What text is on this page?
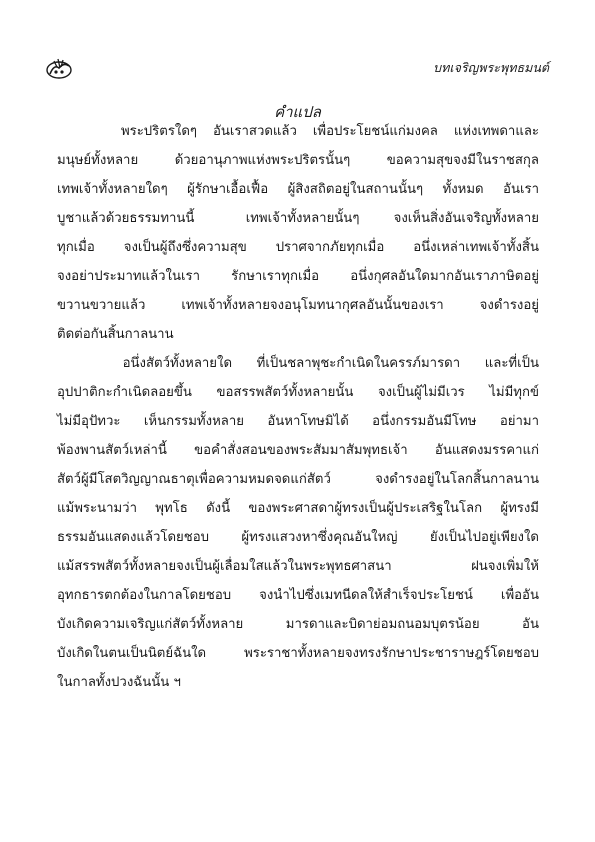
บทเจริญพระพุทธมนต์
คำแปล
พระปริตรใดๆ  อันเราสวดแล้ว  เพื่อประโยชน์แก่มงคล  แห่งเทพดาและ
มนุษย์ทั้งหลาย  ด้วยอานุภาพแห่งพระปริตรนั้นๆ  ขอความสุขจงมีในราชสกุล
เทพเจ้าทั้งหลายใดๆ  ผู้รักษาเอื้อเฟื้อ  ผู้สิงสถิตอยู่ในสถานนั้นๆ  ทั้งหมด  อันเรา
บูชาแล้วด้วยธรรมทานนี้   เทพเจ้าทั้งหลายนั้นๆ  จงเห็นสิ่งอันเจริญทั้งหลาย
ทุกเมื่อ  จงเป็นผู้ถึงซึ่งความสุข  ปราศจากภัยทุกเมื่อ  อนึ่งเหล่าเทพเจ้าทั้งสิ้น
จงอย่าประมาทแล้วในเรา  รักษาเราทุกเมื่อ  อนึ่งกุศลอันใดมากอันเราภาษิตอยู่
ขวานขวายแล้ว  เทพเจ้าทั้งหลายจงอนุโมทนากุศลอันนั้นของเรา  จงดำรงอยู่
ติดต่อกันสิ้นกาลนาน
อนึ่งสัตว์ทั้งหลายใด   ที่เป็นชลาพุชะกำเนิดในครรภ์มารดา   และที่เป็น
อุปปาติกะกำเนิดลอยขึ้น  ขอสรรพสัตว์ทั้งหลายนั้น  จงเป็นผู้ไม่มีเวร  ไม่มีทุกข์
ไม่มีอุปัทวะ  เห็นกรรมทั้งหลาย  อันหาโทษมิได้  อนึ่งกรรมอันมีโทษ  อย่ามา
พ้องพานสัตว์เหล่านี้  ขอคำสั่งสอนของพระสัมมาสัมพุทธเจ้า  อันแสดงมรรคาแก่
สัตว์ผู้มีโสตวิญญาณธาตุเพื่อความหมดจดแก่สัตว์  จงดำรงอยู่ในโลกสิ้นกาลนาน
แม้พระนามว่า  พุทโธ  ดังนี้  ของพระศาสดาผู้ทรงเป็นผู้ประเสริฐในโลก  ผู้ทรงมี
ธรรมอันแสดงแล้วโดยชอบ  ผู้ทรงแสวงหาซึ่งคุณอันใหญ่  ยังเป็นไปอยู่เพียงใด
แม้สรรพสัตว์ทั้งหลายจงเป็นผู้เลื่อมใสแล้วในพระพุทธศาสนา   ฝนจงเพิ่มให้
อุทกธารตกต้องในกาลโดยชอบ  จงนำไปซึ่งเมทนีดลให้สำเร็จประโยชน์  เพื่ออัน
บังเกิดความเจริญแก่สัตว์ทั้งหลาย  มารดาและบิดาย่อมถนอมบุตรน้อย  อัน
บังเกิดในตนเป็นนิตย์ฉันใด  พระราชาทั้งหลายจงทรงรักษาประชาราษฎร์โดยชอบ
ในกาลทั้งปวงฉันนั้น ฯ
